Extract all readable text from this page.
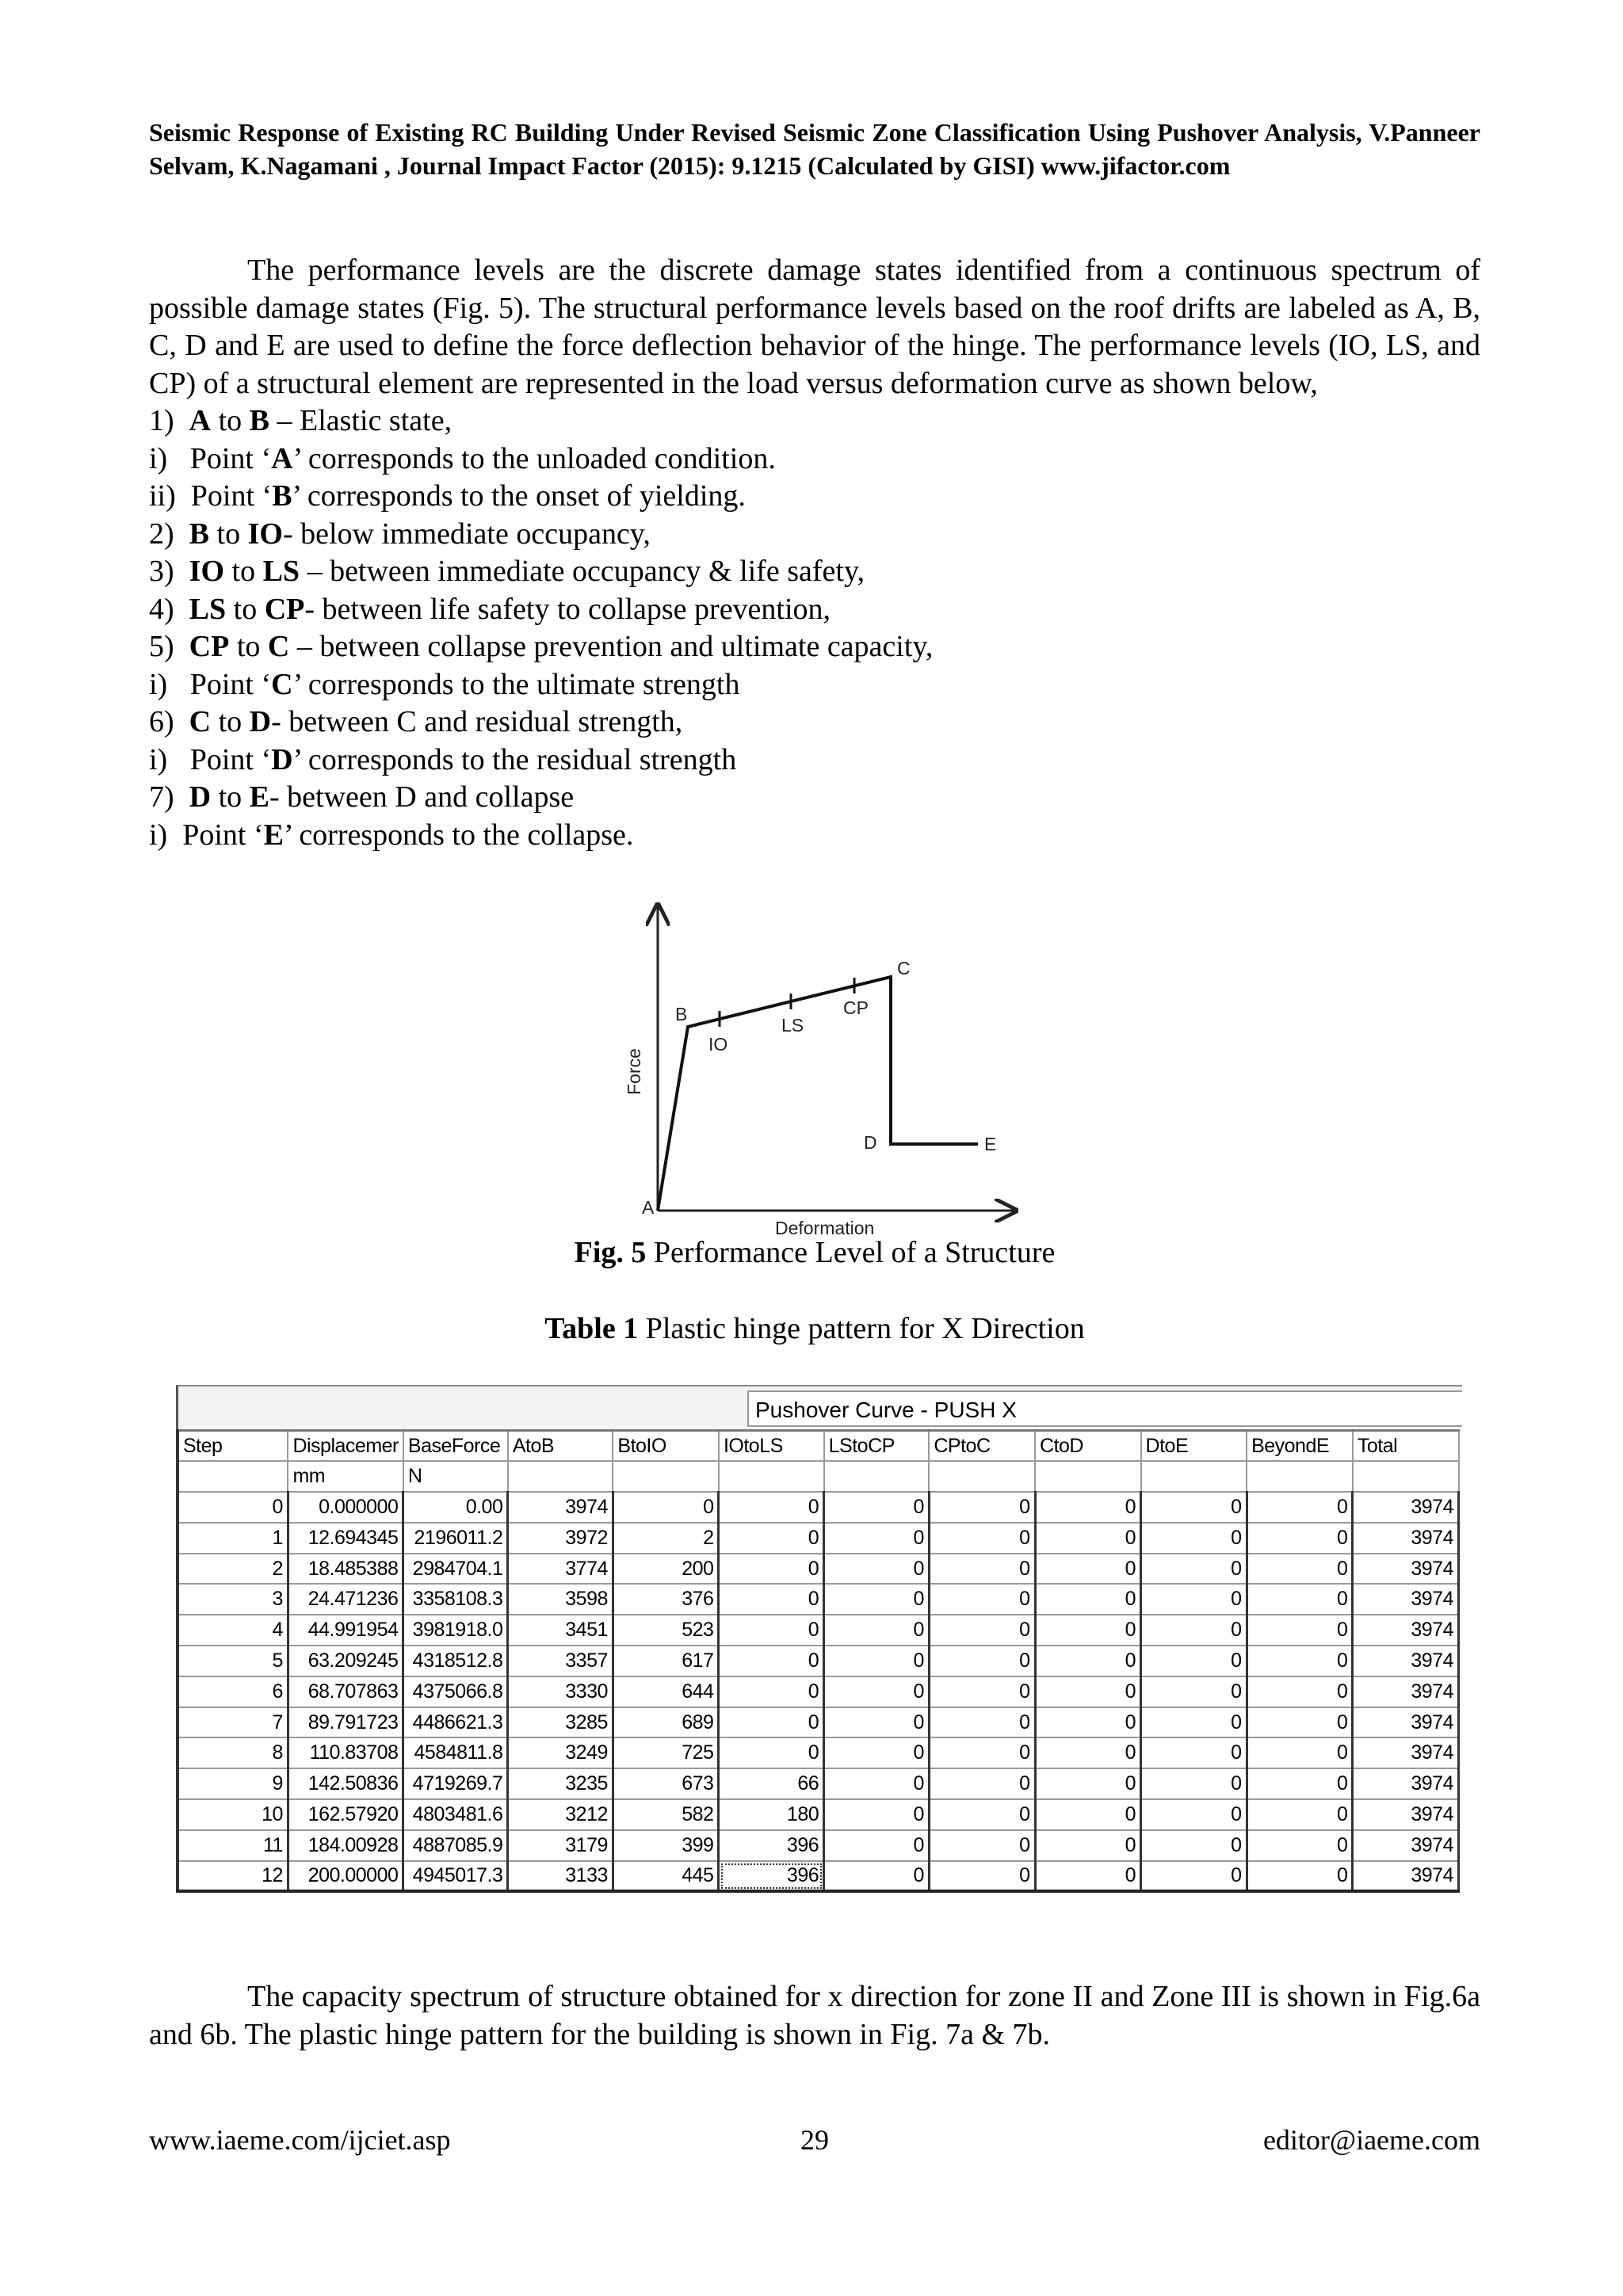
Seismic Response of Existing RC Building Under Revised Seismic Zone Classification Using Pushover Analysis, V.Panneer Selvam, K.Nagamani , Journal Impact Factor (2015): 9.1215 (Calculated by GISI) www.jifactor.com

The performance levels are the discrete damage states identified from a continuous spectrum of possible damage states (Fig. 5). The structural performance levels based on the roof drifts are labeled as A, B, C, D and E are used to define the force deflection behavior of the hinge. The performance levels (IO, LS, and CP) of a structural element are represented in the load versus deformation curve as shown below,

1)  A to B – Elastic state,
i)   Point ‘A’ corresponds to the unloaded condition.
ii)  Point ‘B’ corresponds to the onset of yielding.
2)  B to IO- below immediate occupancy,
3)  IO to LS – between immediate occupancy & life safety,
4)  LS to CP- between life safety to collapse prevention,
5)  CP to C – between collapse prevention and ultimate capacity,
i)   Point ‘C’ corresponds to the ultimate strength
6)  C to D- between C and residual strength,
i)   Point ‘D’ corresponds to the residual strength
7)  D to E- between D and collapse
i)  Point ‘E’ corresponds to the collapse.
A
B
C
D	E
IO
LS
CP
Force
Deformation
Fig. 5 Performance Level of a Structure
Table 1 Plastic hinge pattern for X Direction
Pushover Curve - PUSH X
Step	Displacemer	BaseForce	AtoB	BtoIO	IOtoLS	LStoCP	CPtoC	CtoD	DtoE	BeyondE	Total
	mm	N									
0	0.000000	0.00	3974	0	0	0	0	0	0	0	3974
1	12.694345	2196011.2	3972	2	0	0	0	0	0	0	3974
2	18.485388	2984704.1	3774	200	0	0	0	0	0	0	3974
3	24.471236	3358108.3	3598	376	0	0	0	0	0	0	3974
4	44.991954	3981918.0	3451	523	0	0	0	0	0	0	3974
5	63.209245	4318512.8	3357	617	0	0	0	0	0	0	3974
6	68.707863	4375066.8	3330	644	0	0	0	0	0	0	3974
7	89.791723	4486621.3	3285	689	0	0	0	0	0	0	3974
8	110.83708	4584811.8	3249	725	0	0	0	0	0	0	3974
9	142.50836	4719269.7	3235	673	66	0	0	0	0	0	3974
10	162.57920	4803481.6	3212	582	180	0	0	0	0	0	3974
11	184.00928	4887085.9	3179	399	396	0	0	0	0	0	3974
12	200.00000	4945017.3	3133	445	396	0	0	0	0	0	3974

The capacity spectrum of structure obtained for x direction for zone II and Zone III is shown in Fig.6a and 6b. The plastic hinge pattern for the building is shown in Fig. 7a & 7b.

www.iaeme.com/ijciet.asp	29	editor@iaeme.com
